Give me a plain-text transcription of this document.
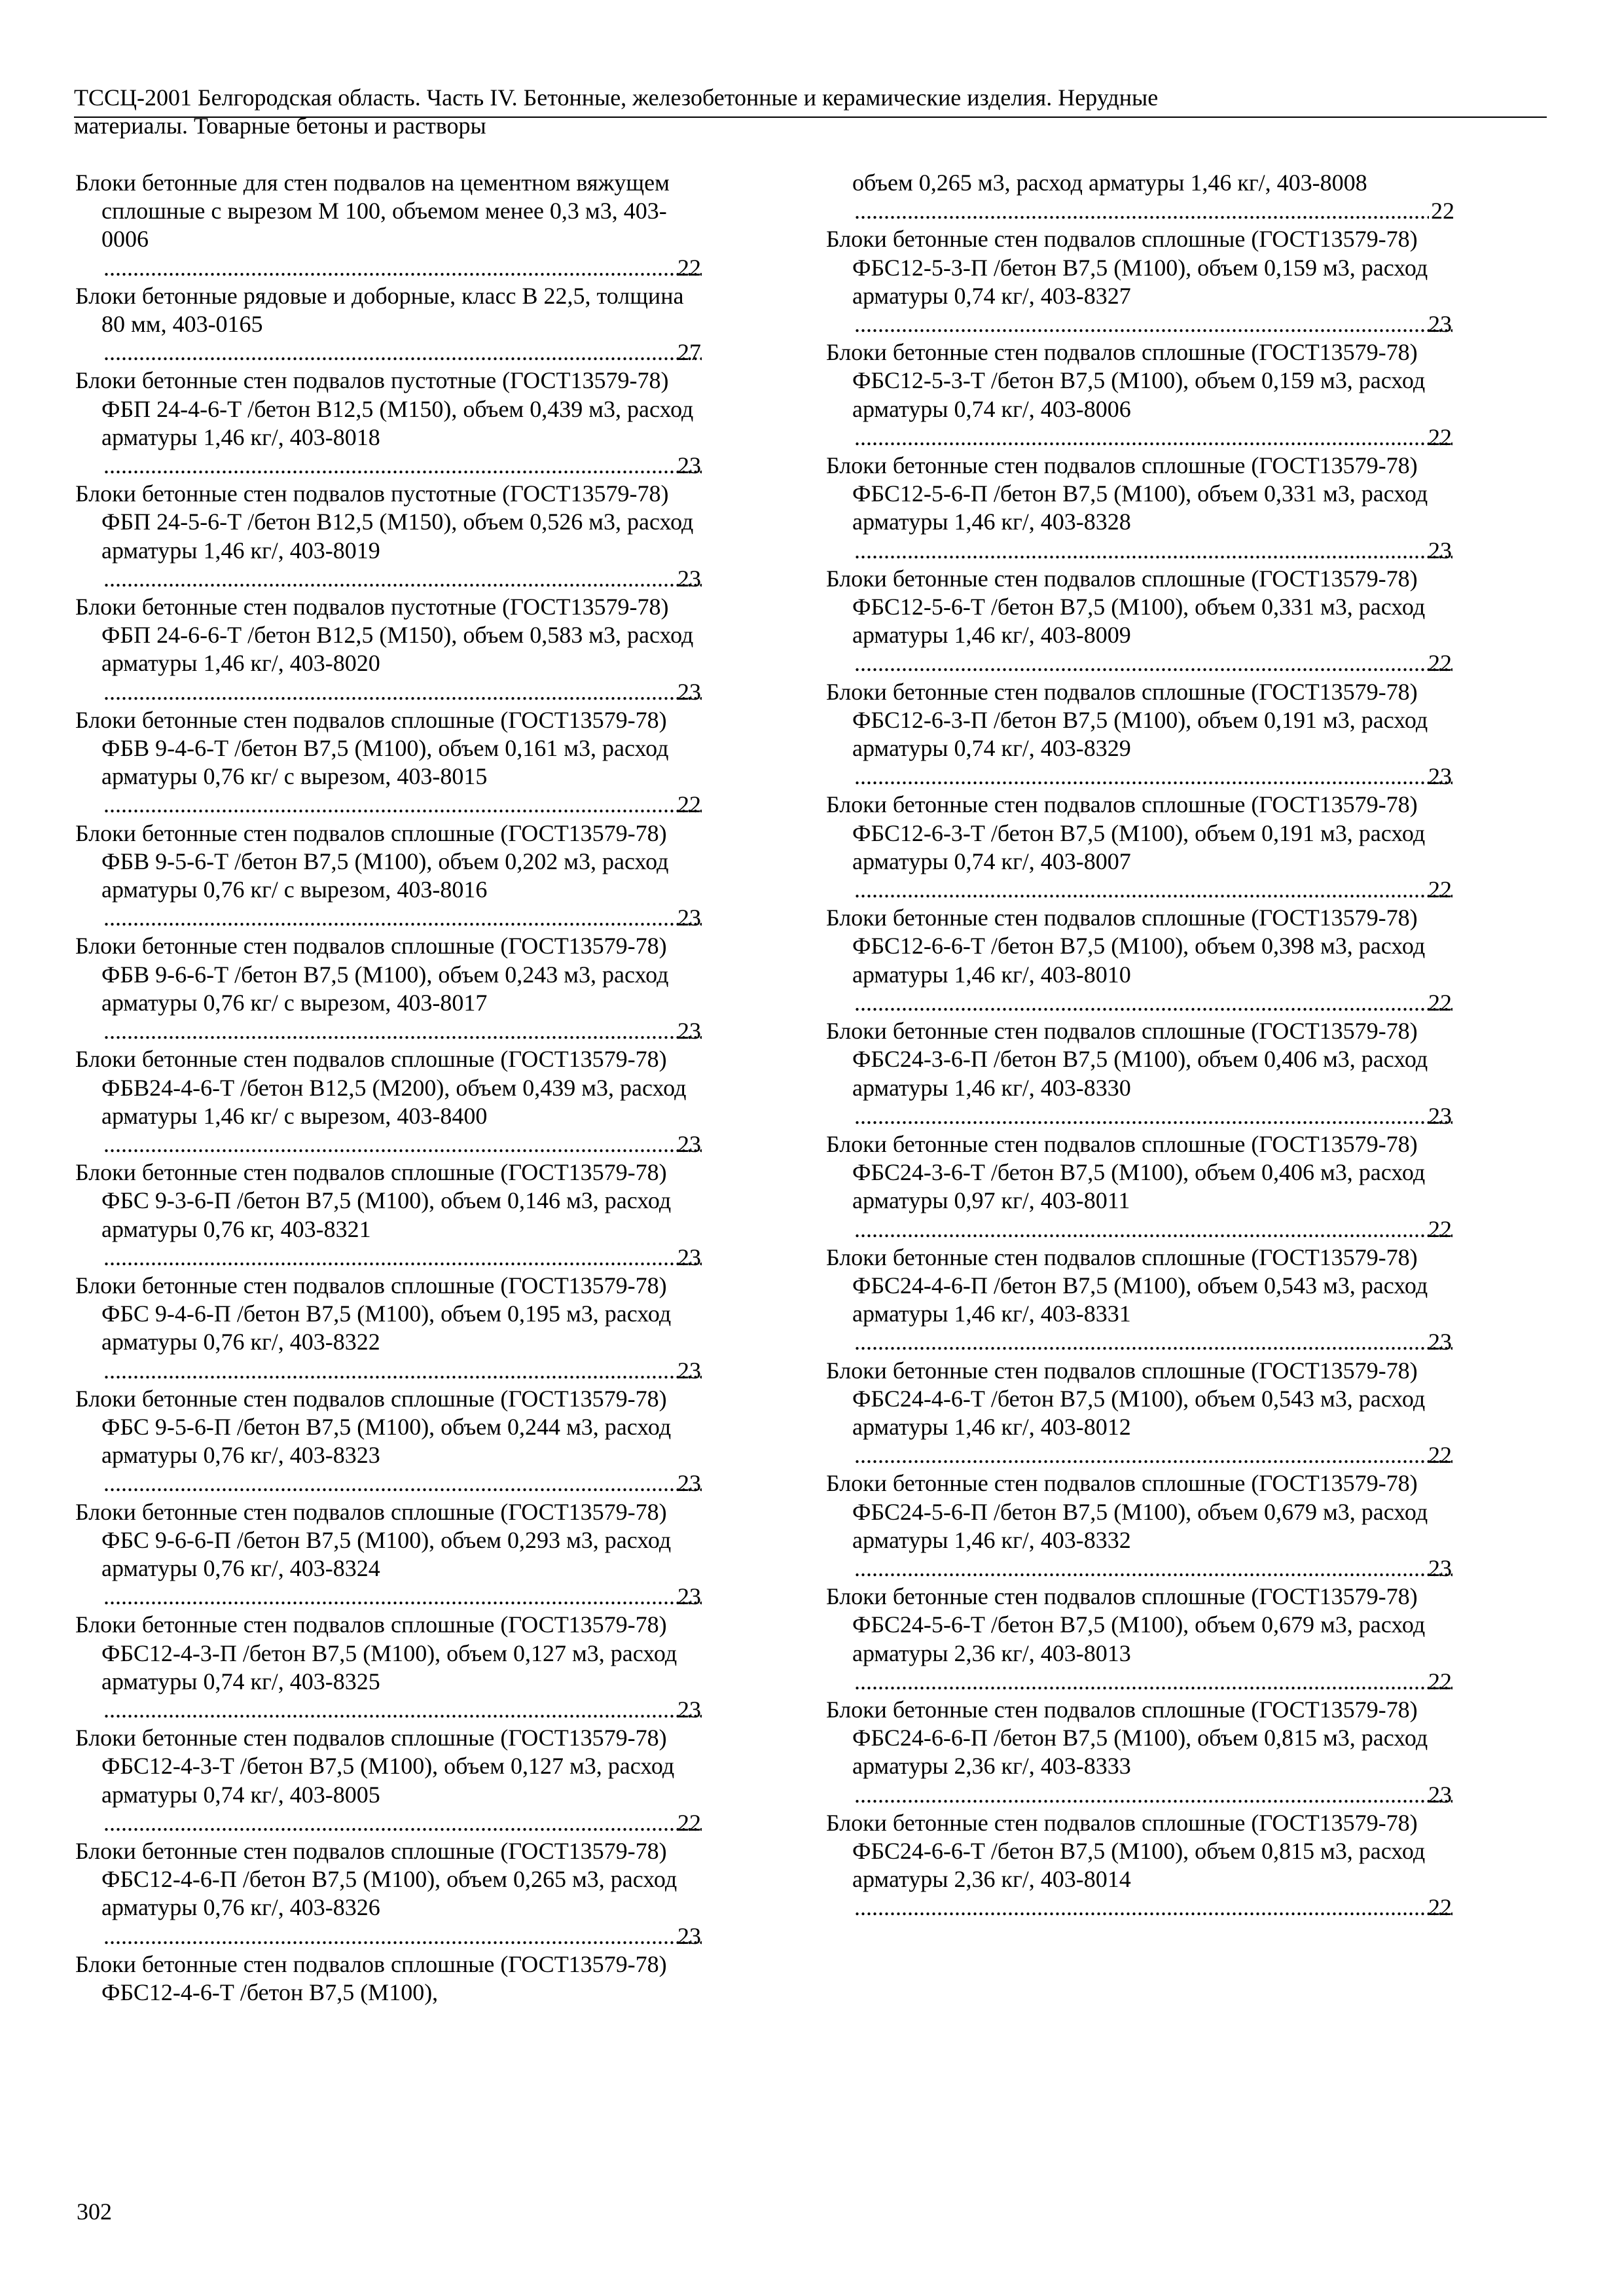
ТССЦ-2001 Белгородская область. Часть IV. Бетонные, железобетонные и керамические изделия. Нерудные
материалы. Товарные бетоны и растворы
Блоки бетонные для стен подвалов на цементном вяжущем сплошные с вырезом М 100, объемом менее 0,3 м3, 403-0006
.....
22
Блоки бетонные рядовые и доборные, класс В 22,5, толщина 80 мм, 403-0165
.....
27
Блоки бетонные стен подвалов пустотные (ГОСТ13579-78) ФБП 24-4-6-Т /бетон В12,5 (М150), объем 0,439 м3, расход арматуры 1,46 кг/, 403-8018
.....
23
Блоки бетонные стен подвалов пустотные (ГОСТ13579-78) ФБП 24-5-6-Т /бетон В12,5 (М150), объем 0,526 м3, расход арматуры 1,46 кг/, 403-8019
.....
23
Блоки бетонные стен подвалов пустотные (ГОСТ13579-78) ФБП 24-6-6-Т /бетон В12,5 (М150), объем 0,583 м3, расход арматуры 1,46 кг/, 403-8020
.....
23
Блоки бетонные стен подвалов сплошные (ГОСТ13579-78) ФБВ 9-4-6-Т /бетон В7,5 (М100), объем 0,161 м3, расход арматуры 0,76 кг/ с вырезом, 403-8015
.....
22
Блоки бетонные стен подвалов сплошные (ГОСТ13579-78) ФБВ 9-5-6-Т /бетон В7,5 (М100), объем 0,202 м3, расход арматуры 0,76 кг/ с вырезом, 403-8016
.....
23
Блоки бетонные стен подвалов сплошные (ГОСТ13579-78) ФБВ 9-6-6-Т /бетон В7,5 (М100), объем 0,243 м3, расход арматуры 0,76 кг/ с вырезом, 403-8017
.....
23
Блоки бетонные стен подвалов сплошные (ГОСТ13579-78) ФБВ24-4-6-Т /бетон В12,5 (М200), объем 0,439 м3, расход арматуры 1,46 кг/ с вырезом, 403-8400
.....
23
Блоки бетонные стен подвалов сплошные (ГОСТ13579-78) ФБС 9-3-6-П /бетон В7,5 (М100), объем 0,146 м3, расход арматуры 0,76 кг, 403-8321
.....
23
Блоки бетонные стен подвалов сплошные (ГОСТ13579-78) ФБС 9-4-6-П /бетон В7,5 (М100), объем 0,195 м3, расход арматуры 0,76 кг/, 403-8322
.....
23
Блоки бетонные стен подвалов сплошные (ГОСТ13579-78) ФБС 9-5-6-П /бетон В7,5 (М100), объем 0,244 м3, расход арматуры 0,76 кг/, 403-8323
.....
23
Блоки бетонные стен подвалов сплошные (ГОСТ13579-78) ФБС 9-6-6-П /бетон В7,5 (М100), объем 0,293 м3, расход арматуры 0,76 кг/, 403-8324
.....
23
Блоки бетонные стен подвалов сплошные (ГОСТ13579-78) ФБС12-4-3-П /бетон В7,5 (М100), объем 0,127 м3, расход арматуры 0,74 кг/, 403-8325
.....
23
Блоки бетонные стен подвалов сплошные (ГОСТ13579-78) ФБС12-4-3-Т /бетон В7,5 (М100), объем 0,127 м3, расход арматуры 0,74 кг/, 403-8005
.....
22
Блоки бетонные стен подвалов сплошные (ГОСТ13579-78) ФБС12-4-6-П /бетон В7,5 (М100), объем 0,265 м3, расход арматуры 0,76 кг/, 403-8326
.....
23
Блоки бетонные стен подвалов сплошные (ГОСТ13579-78) ФБС12-4-6-Т /бетон В7,5 (М100),
объем 0,265 м3, расход арматуры 1,46 кг/, 403-8008
.....
22
Блоки бетонные стен подвалов сплошные (ГОСТ13579-78) ФБС12-5-3-П /бетон В7,5 (М100), объем 0,159 м3, расход арматуры 0,74 кг/, 403-8327
.....
23
Блоки бетонные стен подвалов сплошные (ГОСТ13579-78) ФБС12-5-3-Т /бетон В7,5 (М100), объем 0,159 м3, расход арматуры 0,74 кг/, 403-8006
.....
22
Блоки бетонные стен подвалов сплошные (ГОСТ13579-78) ФБС12-5-6-П /бетон В7,5 (М100), объем 0,331 м3, расход арматуры 1,46 кг/, 403-8328
.....
23
Блоки бетонные стен подвалов сплошные (ГОСТ13579-78) ФБС12-5-6-Т /бетон В7,5 (М100), объем 0,331 м3, расход арматуры 1,46 кг/, 403-8009
.....
22
Блоки бетонные стен подвалов сплошные (ГОСТ13579-78) ФБС12-6-3-П /бетон В7,5 (М100), объем 0,191 м3, расход арматуры 0,74 кг/, 403-8329
.....
23
Блоки бетонные стен подвалов сплошные (ГОСТ13579-78) ФБС12-6-3-Т /бетон В7,5 (М100), объем 0,191 м3, расход арматуры 0,74 кг/, 403-8007
.....
22
Блоки бетонные стен подвалов сплошные (ГОСТ13579-78) ФБС12-6-6-Т /бетон В7,5 (М100), объем 0,398 м3, расход арматуры 1,46 кг/, 403-8010
.....
22
Блоки бетонные стен подвалов сплошные (ГОСТ13579-78) ФБС24-3-6-П /бетон В7,5 (М100), объем 0,406 м3, расход арматуры 1,46 кг/, 403-8330
.....
23
Блоки бетонные стен подвалов сплошные (ГОСТ13579-78) ФБС24-3-6-Т /бетон В7,5 (М100), объем 0,406 м3, расход арматуры 0,97 кг/, 403-8011
.....
22
Блоки бетонные стен подвалов сплошные (ГОСТ13579-78) ФБС24-4-6-П /бетон В7,5 (М100), объем 0,543 м3, расход арматуры 1,46 кг/, 403-8331
.....
23
Блоки бетонные стен подвалов сплошные (ГОСТ13579-78) ФБС24-4-6-Т /бетон В7,5 (М100), объем 0,543 м3, расход арматуры 1,46 кг/, 403-8012
.....
22
Блоки бетонные стен подвалов сплошные (ГОСТ13579-78) ФБС24-5-6-П /бетон В7,5 (М100), объем 0,679 м3, расход арматуры 1,46 кг/, 403-8332
.....
23
Блоки бетонные стен подвалов сплошные (ГОСТ13579-78) ФБС24-5-6-Т /бетон В7,5 (М100), объем 0,679 м3, расход арматуры 2,36 кг/, 403-8013
.....
22
Блоки бетонные стен подвалов сплошные (ГОСТ13579-78) ФБС24-6-6-П /бетон В7,5 (М100), объем 0,815 м3, расход арматуры 2,36 кг/, 403-8333
.....
23
Блоки бетонные стен подвалов сплошные (ГОСТ13579-78) ФБС24-6-6-Т /бетон В7,5 (М100), объем 0,815 м3, расход арматуры 2,36 кг/, 403-8014
.....
22
302
